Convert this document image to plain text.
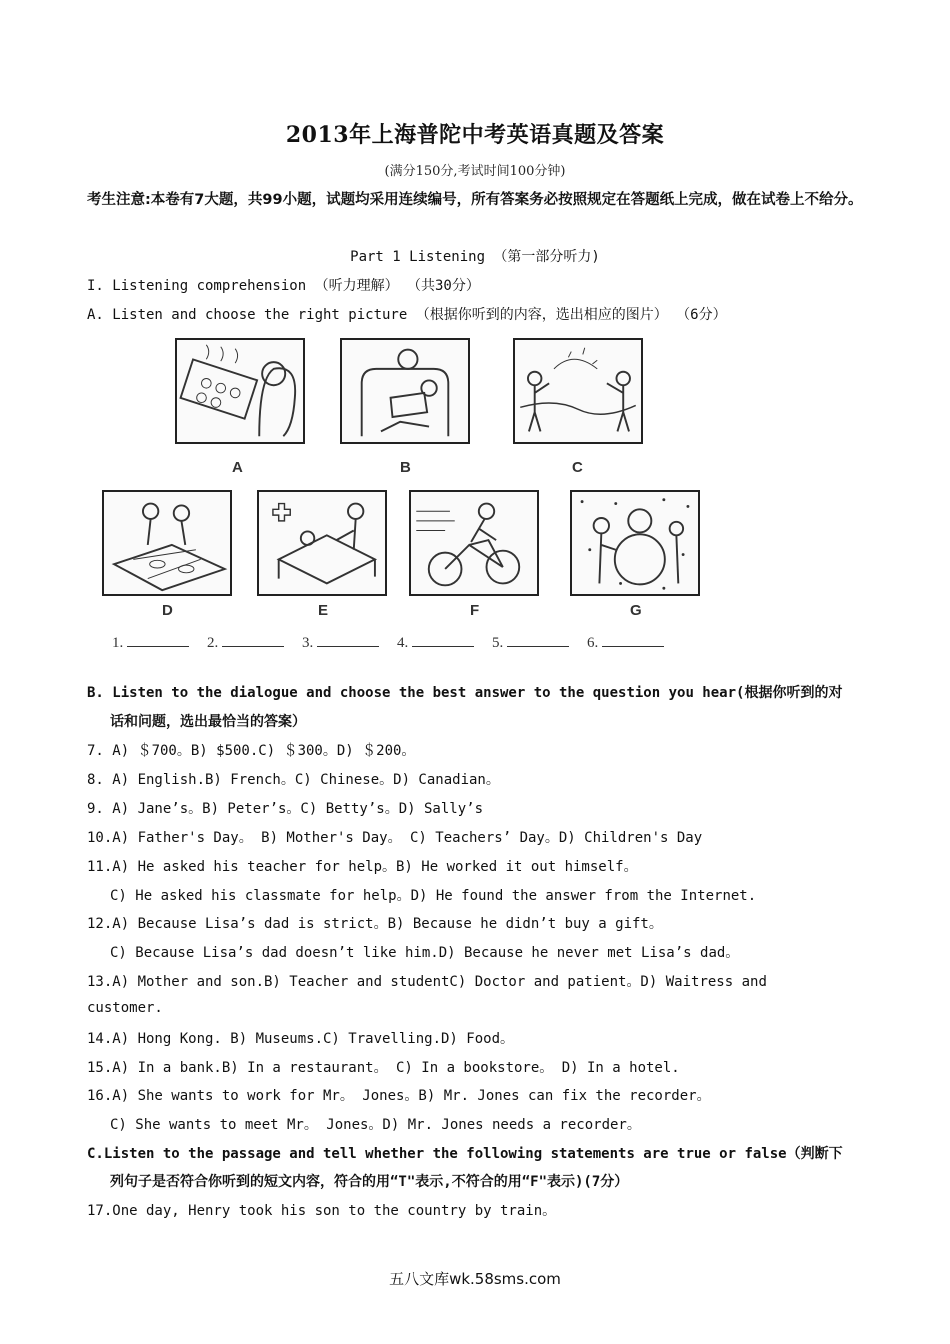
2013年上海普陀中考英语真题及答案
(满分150分,考试时间100分钟)
考生注意:本卷有7大题，共99小题，试题均采用连续编号，所有答案务必按照规定在答题纸上完成，做在试卷上不给分。
Part 1 Listening （第一部分听力)
I. Listening comprehension （听力理解） （共30分）
A. Listen and choose the right picture （根据你听到的内容，选出相应的图片） （6分）
A	B	C
D	E	F	G
1.	2.	3.	4.	5.	6.
B. Listen to the dialogue and choose the best answer to the question you hear(根据你听到的对
话和问题，选出最恰当的答案）
7. A) ＄700。B) $500.C) ＄300。D) ＄200。
8. A) English.B) French。C) Chinese。D) Canadian。
9. A) Jane’s。B) Peter’s。C) Betty’s。D) Sally’s
10.A) Father's Day。 B) Mother's Day。 C) Teachers’ Day。D) Children's Day
11.A) He asked his teacher for help。B) He worked it out himself。
C) He asked his classmate for help。D) He found the answer from the Internet.
12.A) Because Lisa’s dad is strict。B) Because he didn’t buy a gift。
C) Because Lisa’s dad doesn’t like him.D) Because he never met Lisa’s dad。
13.A) Mother and son.B) Teacher and studentC) Doctor and patient。D) Waitress and
customer.
14.A) Hong Kong. B) Museums.C) Travelling.D) Food。
15.A) In a bank.B) In a restaurant。 C) In a bookstore。 D) In a hotel.
16.A) She wants to work for Mr。 Jones。B) Mr. Jones can fix the recorder。
C) She wants to meet Mr。 Jones。D) Mr. Jones needs a recorder。
C.Listen to the passage and tell whether the following statements are true or false（判断下
列句子是否符合你听到的短文内容，符合的用“T"表示,不符合的用“F"表示)(7分）
17.One day, Henry took his son to the country by train。
五八文库wk.58sms.com
